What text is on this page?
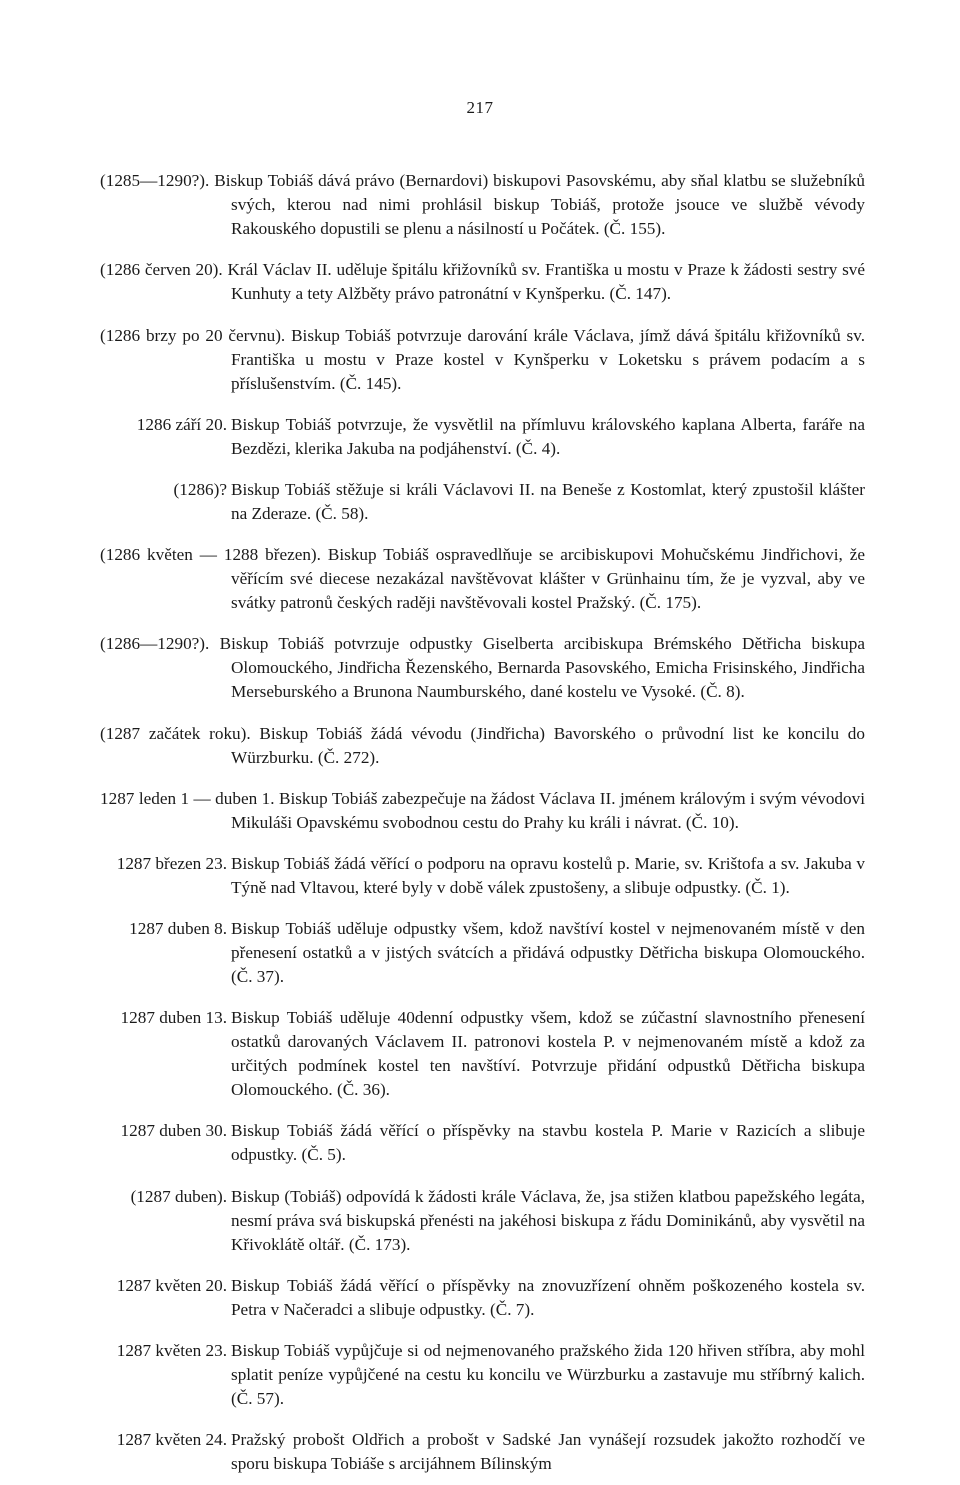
217

(1285—1290?). Biskup Tobiáš dává právo (Bernardovi) biskupovi Pasovskému, aby sňal klatbu se služebníků svých, kterou nad nimi prohlásil biskup Tobiáš, protože jsouce ve službě vévody Rakouského dopustili se plenu a násilností u Počátek. (Č. 155).

(1286 červen 20). Král Václav II. uděluje špitálu křižovníků sv. Františka u mostu v Praze k žádosti sestry své Kunhuty a tety Alžběty právo patronátní v Kynšperku. (Č. 147).

(1286 brzy po 20 červnu). Biskup Tobiáš potvrzuje darování krále Václava, jímž dává špitálu křižovníků sv. Františka u mostu v Praze kostel v Kynšperku v Loketsku s právem podacím a s příslušenstvím. (Č. 145).

1286 září 20. Biskup Tobiáš potvrzuje, že vysvětlil na přímluvu královského kaplana Alberta, faráře na Bezdězi, klerika Jakuba na podjáhenství. (Č. 4).

(1286)? Biskup Tobiáš stěžuje si králi Václavovi II. na Beneše z Kostomlat, který zpustošil klášter na Zderaze. (Č. 58).

(1286 květen — 1288 březen). Biskup Tobiáš ospravedlňuje se arcibiskupovi Mohučskému Jindřichovi, že věřícím své diecese nezakázal navštěvovat klášter v Grünhainu tím, že je vyzval, aby ve svátky patronů českých raději navštěvovali kostel Pražský. (Č. 175).

(1286—1290?). Biskup Tobiáš potvrzuje odpustky Giselberta arcibiskupa Brémského Dětřicha biskupa Olomouckého, Jindřicha Řezenského, Bernarda Pasovského, Emicha Frisinského, Jindřicha Merseburského a Brunona Naumburského, dané kostelu ve Vysoké. (Č. 8).

(1287 začátek roku). Biskup Tobiáš žádá vévodu (Jindřicha) Bavorského o průvodní list ke koncilu do Würzburku. (Č. 272).

1287 leden 1 — duben 1. Biskup Tobiáš zabezpečuje na žádost Václava II. jménem královým i svým vévodovi Mikuláši Opavskému svobodnou cestu do Prahy ku králi i návrat. (Č. 10).

1287 březen 23. Biskup Tobiáš žádá věřící o podporu na opravu kostelů p. Marie, sv. Krištofa a sv. Jakuba v Týně nad Vltavou, které byly v době válek zpustošeny, a slibuje odpustky. (Č. 1).

1287 duben 8. Biskup Tobiáš uděluje odpustky všem, kdož navštíví kostel v nejmenovaném místě v den přenesení ostatků a v jistých svátcích a přidává odpustky Dětřicha biskupa Olomouckého. (Č. 37).

1287 duben 13. Biskup Tobiáš uděluje 40denní odpustky všem, kdož se zúčastní slavnostního přenesení ostatků darovaných Václavem II. patronovi kostela P. v nejmenovaném místě a kdož za určitých podmínek kostel ten navštíví. Potvrzuje přidání odpustků Dětřicha biskupa Olomouckého. (Č. 36).

1287 duben 30. Biskup Tobiáš žádá věřící o příspěvky na stavbu kostela P. Marie v Razicích a slibuje odpustky. (Č. 5).

(1287 duben). Biskup (Tobiáš) odpovídá k žádosti krále Václava, že, jsa stižen klatbou papežského legáta, nesmí práva svá biskupská přenésti na jakéhosi biskupa z řádu Dominikánů, aby vysvětil na Křivoklátě oltář. (Č. 173).

1287 květen 20. Biskup Tobiáš žádá věřící o příspěvky na znovuzřízení ohněm poškozeného kostela sv. Petra v Načeradci a slibuje odpustky. (Č. 7).

1287 květen 23. Biskup Tobiáš vypůjčuje si od nejmenovaného pražského žida 120 hřiven stříbra, aby mohl splatit peníze vypůjčené na cestu ku koncilu ve Würzburku a zastavuje mu stříbrný kalich. (Č. 57).

1287 květen 24. Pražský probošt Oldřich a probošt v Sadské Jan vynášejí rozsudek jakožto rozhodčí ve sporu biskupa Tobiáše s arcijáhnem Bílinským
